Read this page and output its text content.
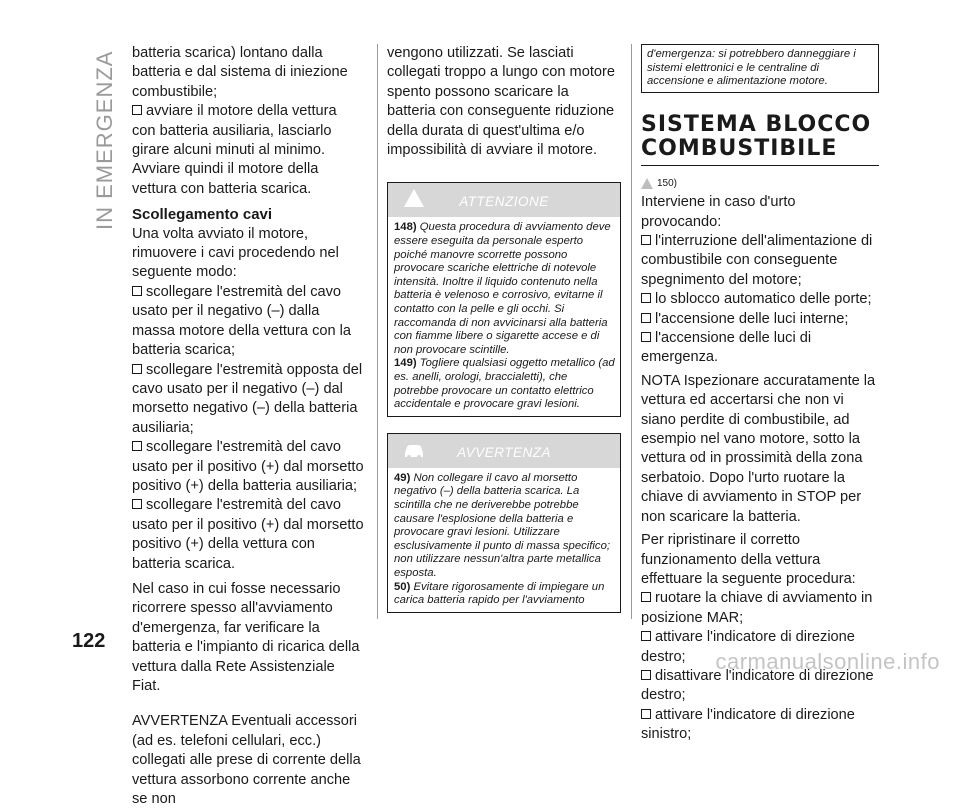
IN EMERGENZA
122

batteria scarica) lontano dalla batteria e dal sistema di iniezione combustibile;

avviare il motore della vettura con batteria ausiliaria, lasciarlo girare alcuni minuti al minimo. Avviare quindi il motore della vettura con batteria scarica.

Scollegamento cavi

Una volta avviato il motore, rimuovere i cavi procedendo nel seguente modo:

scollegare l'estremità del cavo usato per il negativo (–) dalla massa motore della vettura con la batteria scarica;

scollegare l'estremità opposta del cavo usato per il negativo (–) dal morsetto negativo (–) della batteria ausiliaria;

scollegare l'estremità del cavo usato per il positivo (+) dal morsetto positivo (+) della batteria ausiliaria;

scollegare l'estremità del cavo usato per il positivo (+) dal morsetto positivo (+) della vettura con batteria scarica.

Nel caso in cui fosse necessario ricorrere spesso all'avviamento d'emergenza, far verificare la batteria e l'impianto di ricarica della vettura dalla Rete Assistenziale Fiat.

AVVERTENZA Eventuali accessori (ad es. telefoni cellulari, ecc.) collegati alle prese di corrente della vettura assorbono corrente anche se non

vengono utilizzati. Se lasciati collegati troppo a lungo con motore spento possono scaricare la batteria con conseguente riduzione della durata di quest'ultima e/o impossibilità di avviare il motore.

ATTENZIONE

148) Questa procedura di avviamento deve essere eseguita da personale esperto poiché manovre scorrette possono provocare scariche elettriche di notevole intensità. Inoltre il liquido contenuto nella batteria è velenoso e corrosivo, evitarne il contatto con la pelle e gli occhi. Si raccomanda di non avvicinarsi alla batteria con fiamme libere o sigarette accese e di non provocare scintille.

149) Togliere qualsiasi oggetto metallico (ad es. anelli, orologi, braccialetti), che potrebbe provocare un contatto elettrico accidentale e provocare gravi lesioni.

AVVERTENZA

49) Non collegare il cavo al morsetto negativo (–) della batteria scarica. La scintilla che ne deriverebbe potrebbe causare l'esplosione della batteria e provocare gravi lesioni. Utilizzare esclusivamente il punto di massa specifico; non utilizzare nessun'altra parte metallica esposta.

50) Evitare rigorosamente di impiegare un carica batteria rapido per l'avviamento

d'emergenza: si potrebbero danneggiare i sistemi elettronici e le centraline di accensione e alimentazione motore.
SISTEMA BLOCCO COMBUSTIBILE
150)

Interviene in caso d'urto provocando:

l'interruzione dell'alimentazione di combustibile con conseguente spegnimento del motore;

lo sblocco automatico delle porte;

l'accensione delle luci interne;

l'accensione delle luci di emergenza.

NOTA Ispezionare accuratamente la vettura ed accertarsi che non vi siano perdite di combustibile, ad esempio nel vano motore, sotto la vettura od in prossimità della zona serbatoio. Dopo l'urto ruotare la chiave di avviamento in STOP per non scaricare la batteria.

Per ripristinare il corretto funzionamento della vettura effettuare la seguente procedura:

ruotare la chiave di avviamento in posizione MAR;

attivare l'indicatore di direzione destro;

disattivare l'indicatore di direzione destro;

attivare l'indicatore di direzione sinistro;

carmanualsonline.info
